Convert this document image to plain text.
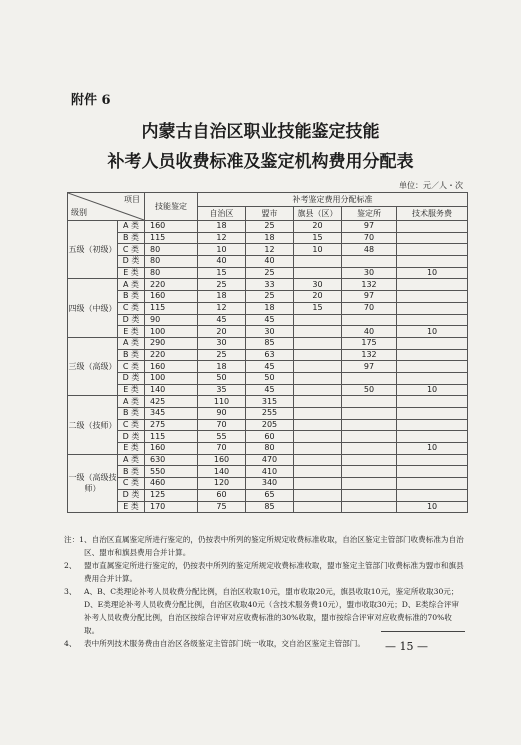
附件 6
内蒙古自治区职业技能鉴定技能
补考人员收费标准及鉴定机构费用分配表
单位：元／人・次
项目
级别		技能鉴定	补考鉴定费用分配标准				
			自治区	盟市	旗县（区）	鉴定所	技术服务费
五级（初级）	A 类	160	18	25	20	97	
	B 类	115	12	18	15	70	
	C 类	80	10	12	10	48	
	D 类	80	40	40			
	E 类	80	15	25		30	10
四级（中级）	A 类	220	25	33	30	132	
	B 类	160	18	25	20	97	
	C 类	115	12	18	15	70	
	D 类	90	45	45			
	E 类	100	20	30		40	10
三级（高级）	A 类	290	30	85		175	
	B 类	220	25	63		132	
	C 类	160	18	45		97	
	D 类	100	50	50			
	E 类	140	35	45		50	10
二级（技师）	A 类	425	110	315			
	B 类	345	90	255			
	C 类	275	70	205			
	D 类	115	55	60			
	E 类	160	70	80			10
一级（高级技师）	A 类	630	160	470			
	B 类	550	140	410			
	C 类	460	120	340			
	D 类	125	60	65			
	E 类	170	75	85			10
注：1、自治区直属鉴定所进行鉴定的，仍按表中所列的鉴定所规定收费标准收取，自治区鉴定主管部门收费标准为自治区、盟市和旗县费用合并计算。
2、 盟市直属鉴定所进行鉴定的，仍按表中所列的鉴定所规定收费标准收取，盟市鉴定主管部门收费标准为盟市和旗县费用合并计算。
3、 A、B、C类理论补考人员收费分配比例，自治区收取10元，盟市收取20元，旗县收取10元，鉴定所收取30元；D、E类理论补考人员收费分配比例，自治区收取40元（含技术服务费10元），盟市收取30元；D、E类综合评审补考人员收费分配比例，自治区按综合评审对应收费标准的30%收取，盟市按综合评审对应收费标准的70%收取。
4、 表中所列技术服务费由自治区各级鉴定主管部门统一收取，交自治区鉴定主管部门。	— 15 —
